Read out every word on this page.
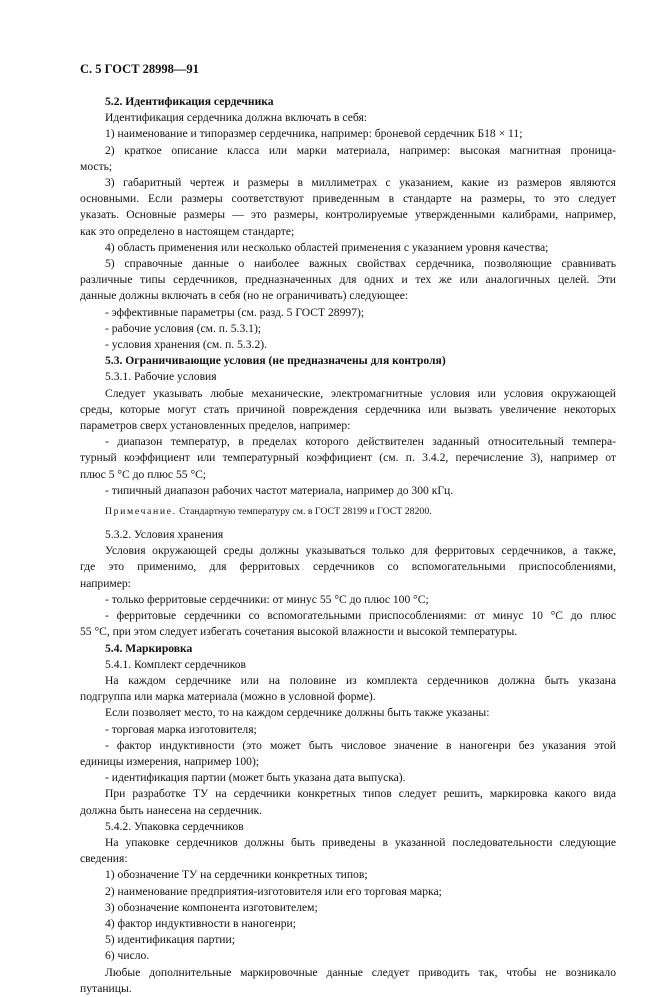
С. 5 ГОСТ 28998—91
5.2. Идентификация сердечника
Идентификация сердечника должна включать в себя:
1) наименование и типоразмер сердечника, например: броневой сердечник Б18 × 11;
2) краткое описание класса или марки материала, например: высокая магнитная проница-
мость;
3) габаритный чертеж и размеры в миллиметрах с указанием, какие из размеров являются
основными. Если размеры соответствуют приведенным в стандарте на размеры, то это следует
указать. Основные размеры — это размеры, контролируемые утвержденными калибрами, например,
как это определено в настоящем стандарте;
4) область применения или несколько областей применения с указанием уровня качества;
5) справочные данные о наиболее важных свойствах сердечника, позволяющие сравнивать
различные типы сердечников, предназначенных для одних и тех же или аналогичных целей. Эти
данные должны включать в себя (но не ограничивать) следующее:
- эффективные параметры (см. разд. 5 ГОСТ 28997);
- рабочие условия (см. п. 5.3.1);
- условия хранения (см. п. 5.3.2).
5.3. Ограничивающие условия (не предназначены для контроля)
5.3.1. Рабочие условия
Следует указывать любые механические, электромагнитные условия или условия окружающей
среды, которые могут стать причиной повреждения сердечника или вызвать увеличение некоторых
параметров сверх установленных пределов, например:
- диапазон температур, в пределах которого действителен заданный относительный темпера-
турный коэффициент или температурный коэффициент (см. п. 3.4.2, перечисление 3), например от
плюс 5 °С до плюс 55 °С;
- типичный диапазон рабочих частот материала, например до 300 кГц.
Примечание. Стандартную температуру см. в ГОСТ 28199 и ГОСТ 28200.
5.3.2. Условия хранения
Условия окружающей среды должны указываться только для ферритовых сердечников, а также,
где это применимо, для ферритовых сердечников со вспомогательными приспособлениями,
например:
- только ферритовые сердечники: от минус 55 °С до плюс 100 °С;
- ферритовые сердечники со вспомогательными приспособлениями: от минус 10 °С до плюс
55 °С, при этом следует избегать сочетания высокой влажности и высокой температуры.
5.4. Маркировка
5.4.1. Комплект сердечников
На каждом сердечнике или на половине из комплекта сердечников должна быть указана
подгруппа или марка материала (можно в условной форме).
Если позволяет место, то на каждом сердечнике должны быть также указаны:
- торговая марка изготовителя;
- фактор индуктивности (это может быть числовое значение в наногенри без указания этой
единицы измерения, например 100);
- идентификация партии (может быть указана дата выпуска).
При разработке ТУ на сердечники конкретных типов следует решить, маркировка какого вида
должна быть нанесена на сердечник.
5.4.2. Упаковка сердечников
На упаковке сердечников должны быть приведены в указанной последовательности следующие
сведения:
1) обозначение ТУ на сердечники конкретных типов;
2) наименование предприятия-изготовителя или его торговая марка;
3) обозначение компонента изготовителем;
4) фактор индуктивности в наногенри;
5) идентификация партии;
6) число.
Любые дополнительные маркировочные данные следует приводить так, чтобы не возникало
путаницы.
